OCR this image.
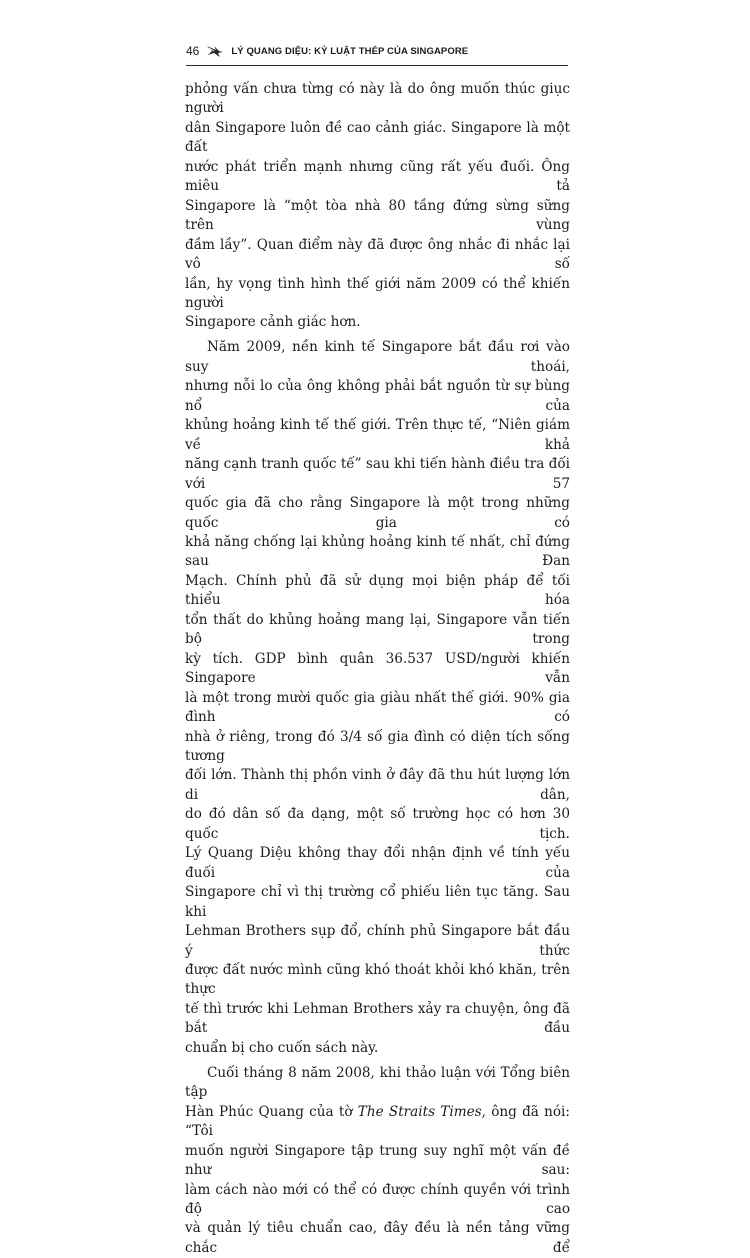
46	LÝ QUANG DIỆU: KỶ LUẬT THÉP CỦA SINGAPORE

phỏng vấn chưa từng có này là do ông muốn thúc giục người

dân Singapore luôn đề cao cảnh giác. Singapore là một đất

nước phát triển mạnh nhưng cũng rất yếu đuối. Ông miêu tả

Singapore là “một tòa nhà 80 tầng đứng sừng sững trên vùng

đầm lầy”. Quan điểm này đã được ông nhắc đi nhắc lại vô số

lần, hy vọng tình hình thế giới năm 2009 có thể khiến người

Singapore cảnh giác hơn.

Năm 2009, nền kinh tế Singapore bắt đầu rơi vào suy thoái,

nhưng nỗi lo của ông không phải bắt nguồn từ sự bùng nổ của

khủng hoảng kinh tế thế giới. Trên thực tế, “Niên giám về khả

năng cạnh tranh quốc tế” sau khi tiến hành điều tra đối với 57

quốc gia đã cho rằng Singapore là một trong những quốc gia có

khả năng chống lại khủng hoảng kinh tế nhất, chỉ đứng sau Đan

Mạch. Chính phủ đã sử dụng mọi biện pháp để tối thiểu hóa

tổn thất do khủng hoảng mang lại, Singapore vẫn tiến bộ trong

kỳ tích. GDP bình quân 36.537 USD/người khiến Singapore vẫn

là một trong mười quốc gia giàu nhất thế giới. 90% gia đình có

nhà ở riêng, trong đó 3/4 số gia đình có diện tích sống tương

đối lớn. Thành thị phồn vinh ở đây đã thu hút lượng lớn di dân,

do đó dân số đa dạng, một số trường học có hơn 30 quốc tịch.

Lý Quang Diệu không thay đổi nhận định về tính yếu đuối của

Singapore chỉ vì thị trường cổ phiếu liên tục tăng. Sau khi

Lehman Brothers sụp đổ, chính phủ Singapore bắt đầu ý thức

được đất nước mình cũng khó thoát khỏi khó khăn, trên thực

tế thì trước khi Lehman Brothers xảy ra chuyện, ông đã bắt đầu

chuẩn bị cho cuốn sách này.

Cuối tháng 8 năm 2008, khi thảo luận với Tổng biên tập

Hàn Phúc Quang của tờ The Straits Times, ông đã nói: “Tôi

muốn người Singapore tập trung suy nghĩ một vấn đề như sau:

làm cách nào mới có thể có được chính quyền với trình độ cao

và quản lý tiêu chuẩn cao, đây đều là nền tảng vững chắc để
